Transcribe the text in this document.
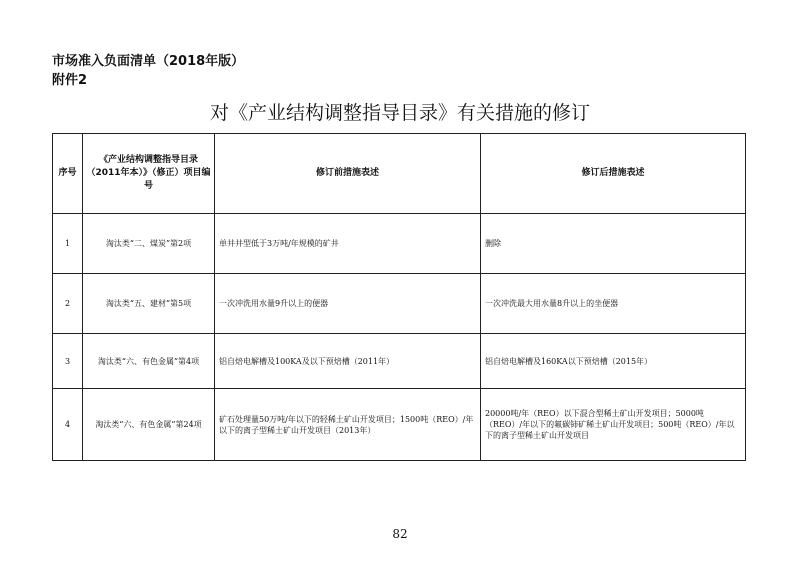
市场准入负面清单（2018年版）
附件2
对《产业结构调整指导目录》有关措施的修订
序号	《产业结构调整指导目录（2011年本）》（修正）项目编号	修订前措施表述	修订后措施表述
1	淘汰类“二、煤炭”第2项	单井井型低于3万吨/年规模的矿井	删除
2	淘汰类“五、建材”第5项	一次冲洗用水量9升以上的便器	一次冲洗最大用水量8升以上的坐便器
3	淘汰类“六、有色金属”第4项	铝自焙电解槽及100KA及以下预焙槽（2011年）	铝自焙电解槽及160KA以下预焙槽（2015年）
4	淘汰类“六、有色金属”第24项	矿石处理量50万吨/年以下的轻稀土矿山开发项目；1500吨（REO）/年以下的离子型稀土矿山开发项目（2013年）	20000吨/年（REO）以下混合型稀土矿山开发项目；5000吨（REO）/年以下的氟碳铈矿稀土矿山开发项目；500吨（REO）/年以下的离子型稀土矿山开发项目
82
